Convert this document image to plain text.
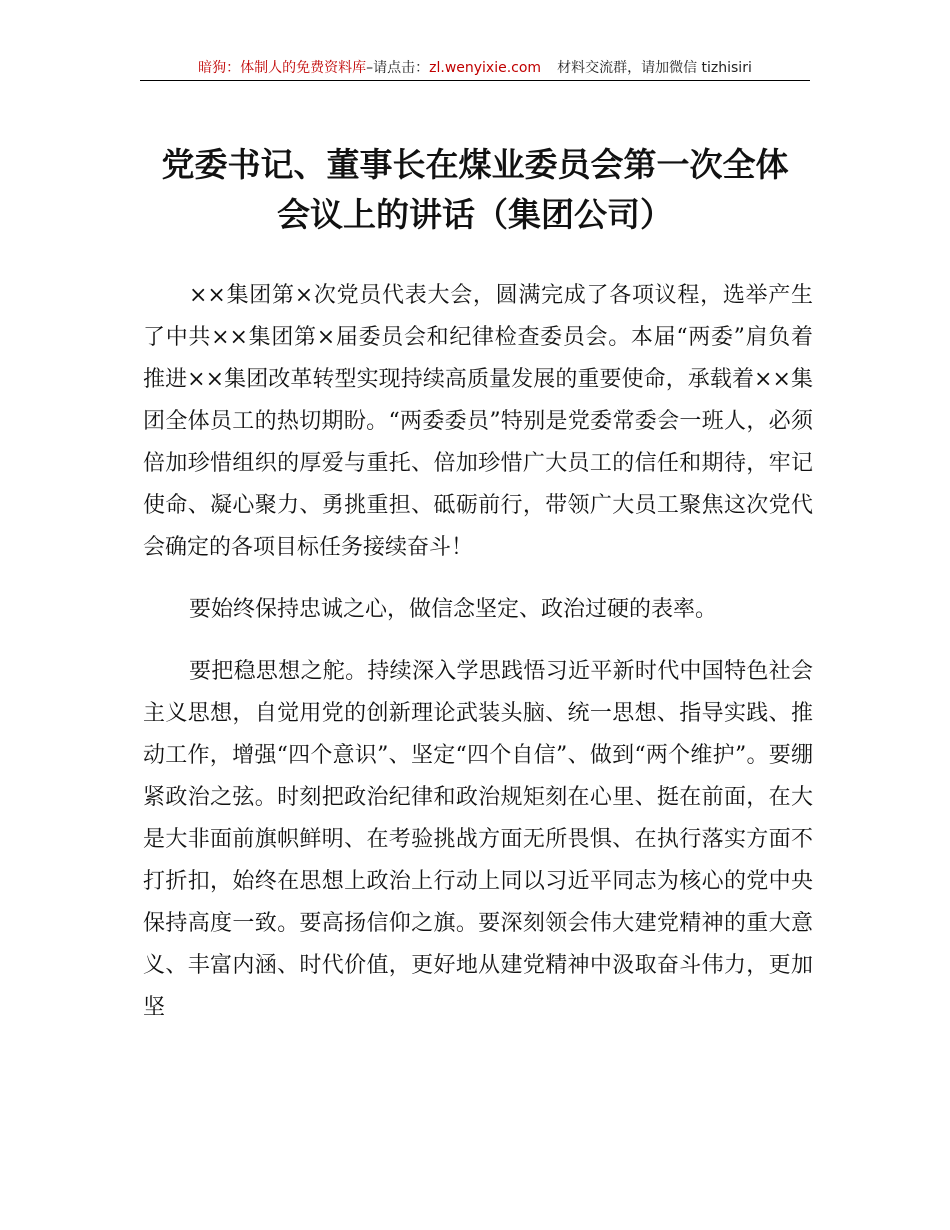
暗狗：体制人的免费资料库–请点击：zl.wenyixie.com 材料交流群，请加微信 tizhisiri
党委书记、董事长在煤业委员会第一次全体
会议上的讲话（集团公司）

××集团第×次党员代表大会，圆满完成了各项议程，选举产生了中共××集团第×届委员会和纪律检查委员会。本届“两委”肩负着推进××集团改革转型实现持续高质量发展的重要使命，承载着××集团全体员工的热切期盼。“两委委员”特别是党委常委会一班人，必须倍加珍惜组织的厚爱与重托、倍加珍惜广大员工的信任和期待，牢记使命、凝心聚力、勇挑重担、砥砺前行，带领广大员工聚焦这次党代会确定的各项目标任务接续奋斗！

要始终保持忠诚之心，做信念坚定、政治过硬的表率。

要把稳思想之舵。持续深入学思践悟习近平新时代中国特色社会主义思想，自觉用党的创新理论武装头脑、统一思想、指导实践、推动工作，增强“四个意识”、坚定“四个自信”、做到“两个维护”。要绷紧政治之弦。时刻把政治纪律和政治规矩刻在心里、挺在前面，在大是大非面前旗帜鲜明、在考验挑战方面无所畏惧、在执行落实方面不打折扣，始终在思想上政治上行动上同以习近平同志为核心的党中央保持高度一致。要高扬信仰之旗。要深刻领会伟大建党精神的重大意义、丰富内涵、时代价值，更好地从建党精神中汲取奋斗伟力，更加坚
